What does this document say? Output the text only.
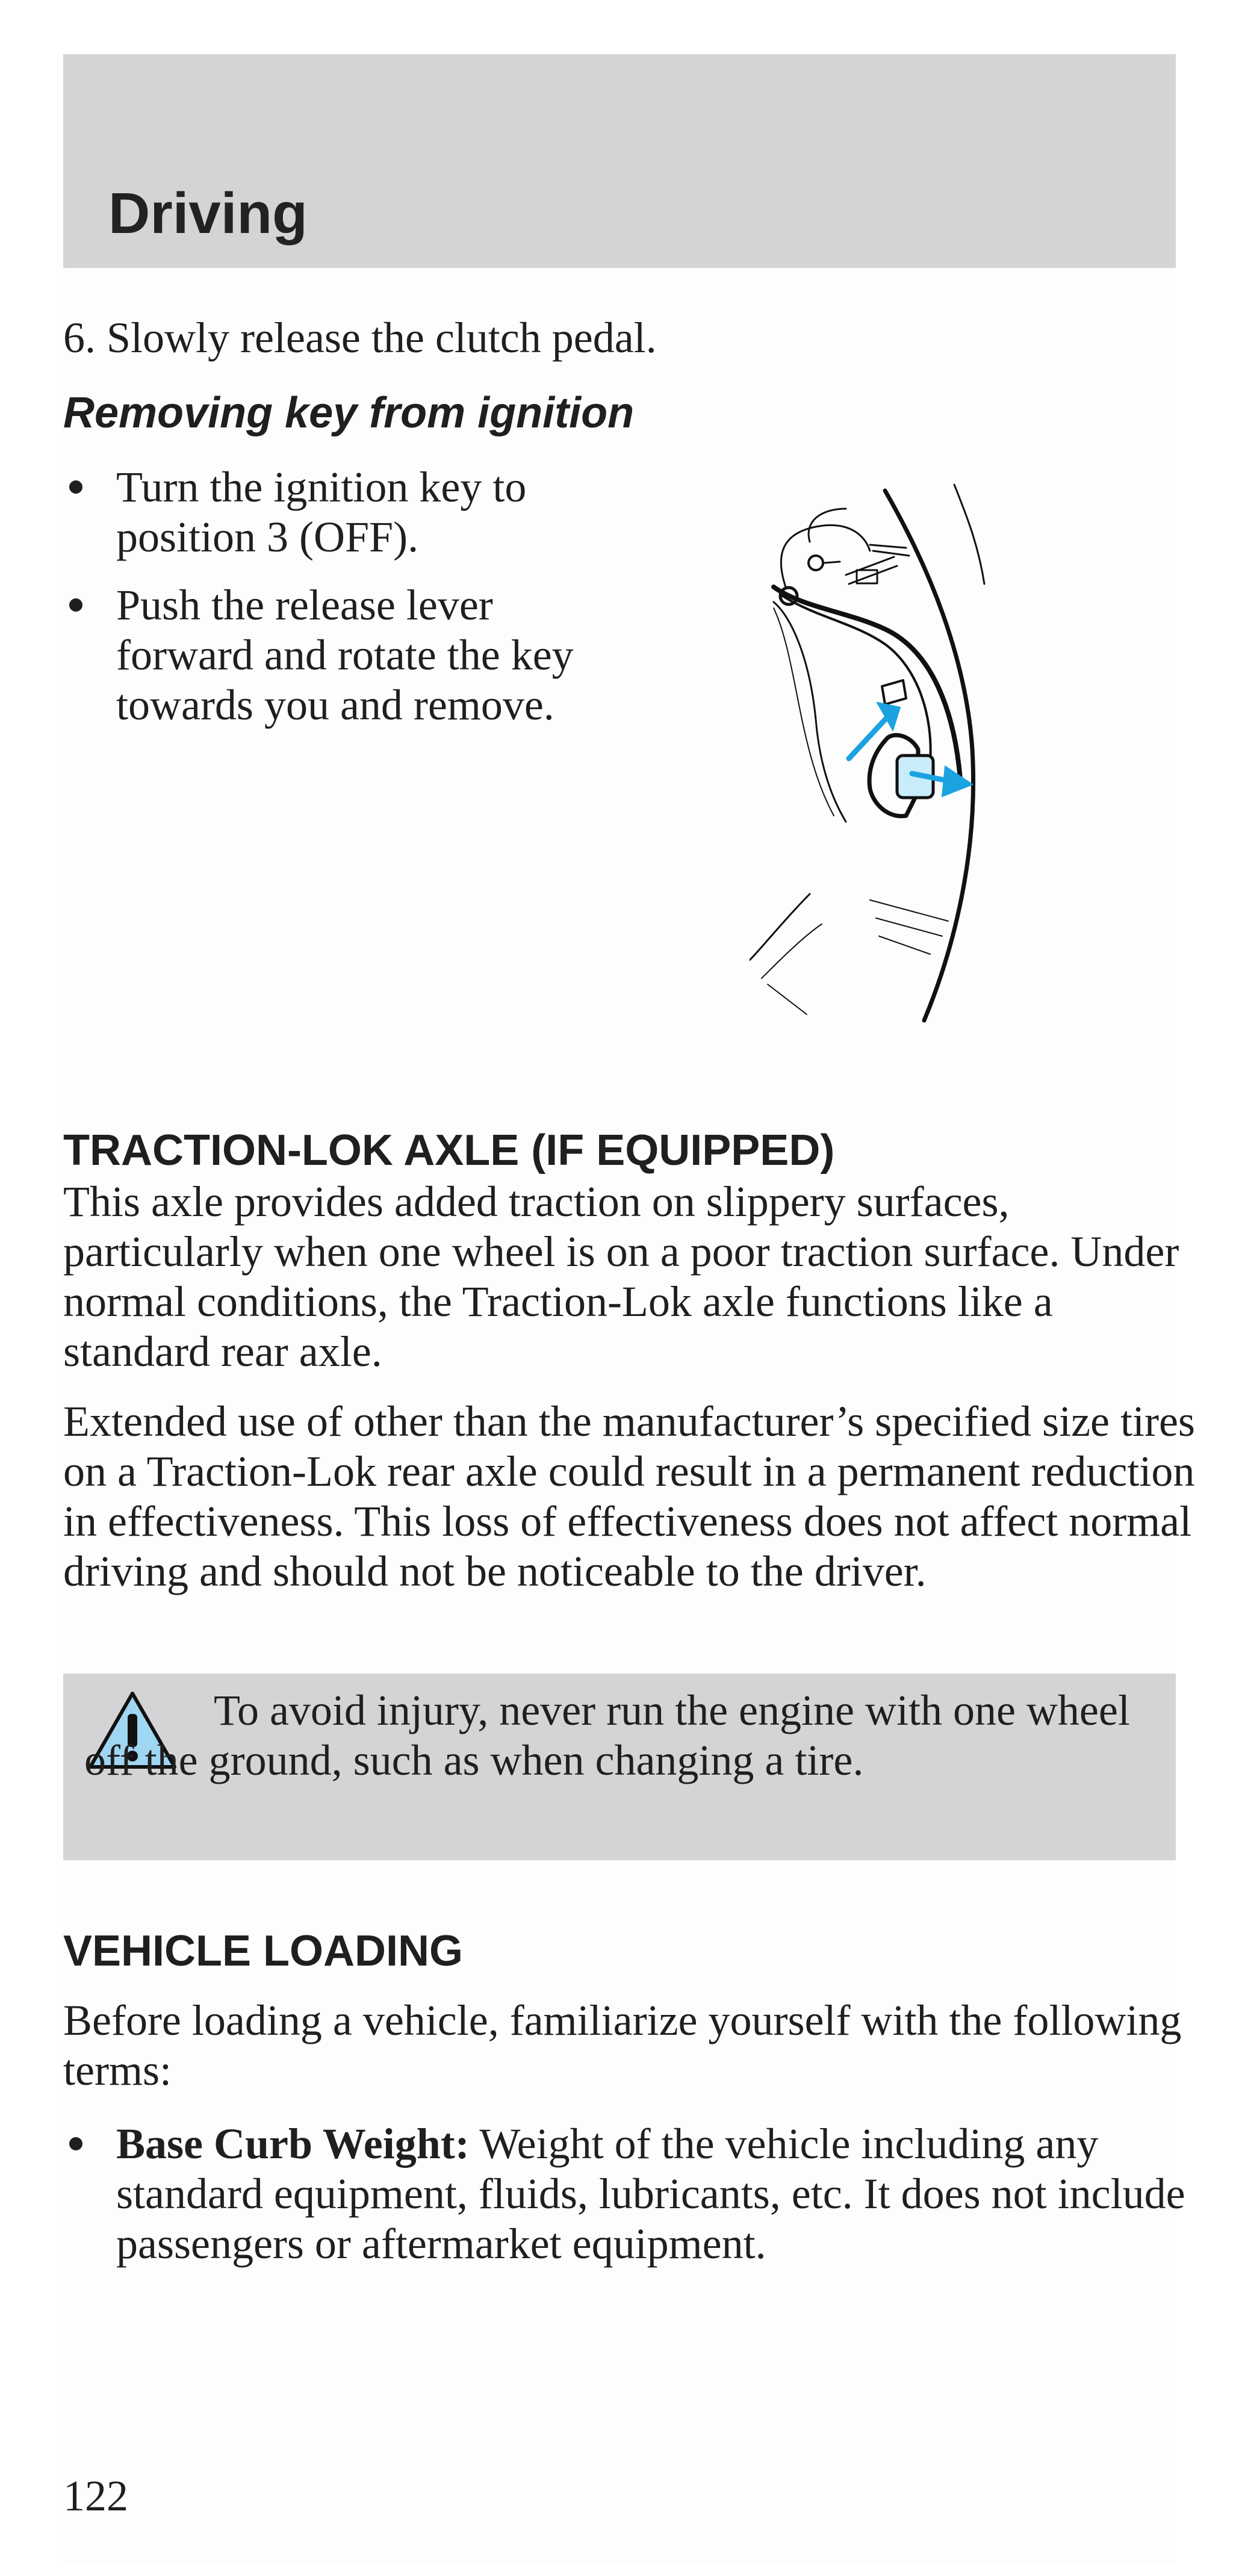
Driving

6. Slowly release the clutch pedal.

Removing key from ignition
Turn the ignition key to position 3 (OFF).
Push the release lever forward and rotate the key towards you and remove.
TRACTION-LOK AXLE (IF EQUIPPED)

This axle provides added traction on slippery surfaces, particularly when one wheel is on a poor traction surface. Under normal conditions, the Traction-Lok axle functions like a standard rear axle.

Extended use of other than the manufacturer’s specified size tires on a Traction-Lok rear axle could result in a permanent reduction in effectiveness. This loss of effectiveness does not affect normal driving and should not be noticeable to the driver.

To avoid injury, never run the engine with one wheel off the ground, such as when changing a tire.

VEHICLE LOADING

Before loading a vehicle, familiarize yourself with the following terms:

Base Curb Weight: Weight of the vehicle including any standard equipment, fluids, lubricants, etc. It does not include passengers or aftermarket equipment.

122
